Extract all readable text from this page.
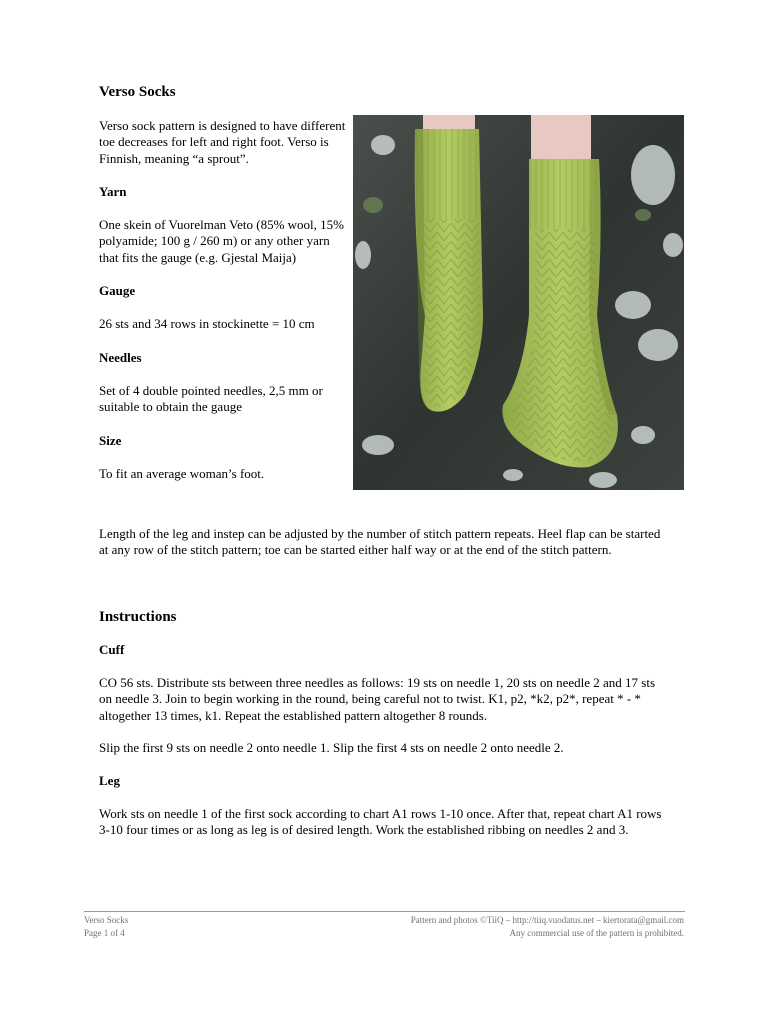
Verso Socks

Verso sock pattern is designed to have different toe decreases for left and right foot. Verso is Finnish, meaning “a sprout”.

Yarn

One skein of Vuorelman Veto (85% wool, 15% polyamide; 100 g / 260 m) or any other yarn that fits the gauge (e.g. Gjestal Maija)

Gauge

26 sts and 34 rows in stockinette = 10 cm

Needles

Set of 4 double pointed needles, 2,5 mm or suitable to obtain the gauge

Size

To fit an average woman’s foot.

Length of the leg and instep can be adjusted by the number of stitch pattern repeats. Heel flap can be started at any row of the stitch pattern; toe can be started either half way or at the end of the stitch pattern.

Instructions
Cuff

CO 56 sts. Distribute sts between three needles as follows: 19 sts on needle 1, 20 sts on needle 2 and 17 sts on needle 3. Join to begin working in the round, being careful not to twist. K1, p2, *k2, p2*, repeat * - * altogether 13 times, k1. Repeat the established pattern altogether 8 rounds.

Slip the first 9 sts on needle 2 onto needle 1. Slip the first 4 sts on needle 2 onto needle 2.

Leg

Work sts on needle 1 of the first sock according to chart A1 rows 1-10 once. After that, repeat chart A1 rows 3-10 four times or as long as leg is of desired length. Work the established ribbing on needles 2 and 3.

Verso Socks
Page 1 of 4
Pattern and photos ©TiiQ – http://tiiq.vuodatus.net – kiertorata@gmail.com
Any commercial use of the pattern is prohibited.
